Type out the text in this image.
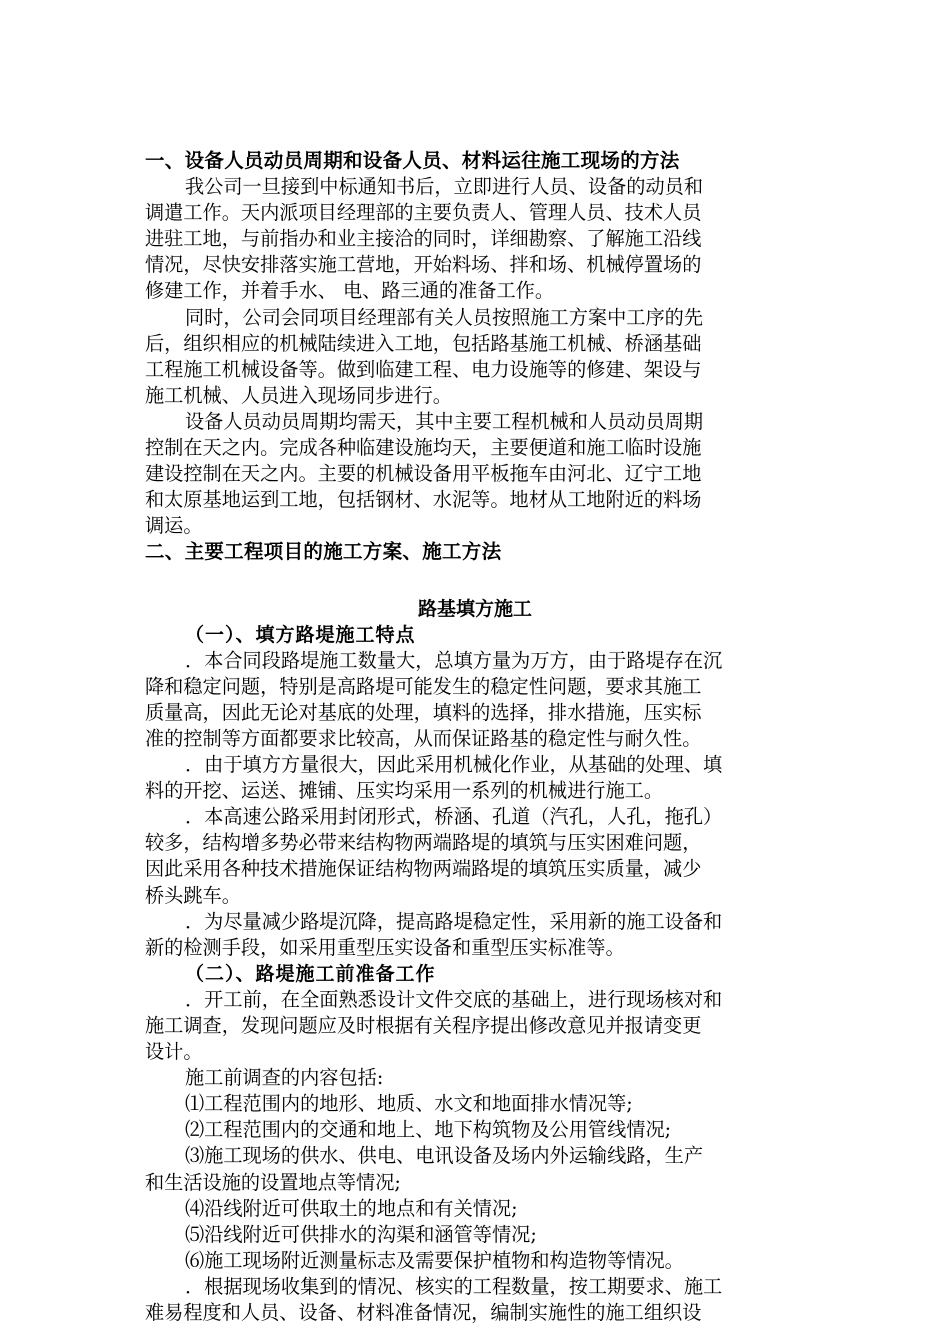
一、设备人员动员周期和设备人员、材料运往施工现场的方法
我公司一旦接到中标通知书后，立即进行人员、设备的动员和
调遣工作。天内派项目经理部的主要负责人、管理人员、技术人员
进驻工地，与前指办和业主接洽的同时，详细勘察、了解施工沿线
情况，尽快安排落实施工营地，开始料场、拌和场、机械停置场的
修建工作，并着手水、 电、路三通的准备工作。
同时，公司会同项目经理部有关人员按照施工方案中工序的先
后，组织相应的机械陆续进入工地，包括路基施工机械、桥涵基础
工程施工机械设备等。做到临建工程、电力设施等的修建、架设与
施工机械、人员进入现场同步进行。
设备人员动员周期均需天，其中主要工程机械和人员动员周期
控制在天之内。完成各种临建设施均天，主要便道和施工临时设施
建设控制在天之内。主要的机械设备用平板拖车由河北、辽宁工地
和太原基地运到工地，包括钢材、水泥等。地材从工地附近的料场
调运。
二、主要工程项目的施工方案、施工方法
路基填方施工
（一）、填方路堤施工特点
．本合同段路堤施工数量大，总填方量为万方，由于路堤存在沉
降和稳定问题，特别是高路堤可能发生的稳定性问题，要求其施工
质量高，因此无论对基底的处理，填料的选择，排水措施，压实标
准的控制等方面都要求比较高，从而保证路基的稳定性与耐久性。
．由于填方方量很大，因此采用机械化作业，从基础的处理、填
料的开挖、运送、摊铺、压实均采用一系列的机械进行施工。
．本高速公路采用封闭形式，桥涵、孔道（汽孔，人孔，拖孔）
较多，结构增多势必带来结构物两端路堤的填筑与压实困难问题，
因此采用各种技术措施保证结构物两端路堤的填筑压实质量，减少
桥头跳车。
．为尽量减少路堤沉降，提高路堤稳定性，采用新的施工设备和
新的检测手段，如采用重型压实设备和重型压实标准等。
（二）、路堤施工前准备工作
．开工前，在全面熟悉设计文件交底的基础上，进行现场核对和
施工调查，发现问题应及时根据有关程序提出修改意见并报请变更
设计。
施工前调查的内容包括:
⑴工程范围内的地形、地质、水文和地面排水情况等;
⑵工程范围内的交通和地上、地下构筑物及公用管线情况;
⑶施工现场的供水、供电、电讯设备及场内外运输线路，生产
和生活设施的设置地点等情况;
⑷沿线附近可供取土的地点和有关情况;
⑸沿线附近可供排水的沟渠和涵管等情况;
⑹施工现场附近测量标志及需要保护植物和构造物等情况。
．根据现场收集到的情况、核实的工程数量，按工期要求、施工
难易程度和人员、设备、材料准备情况，编制实施性的施工组织设
